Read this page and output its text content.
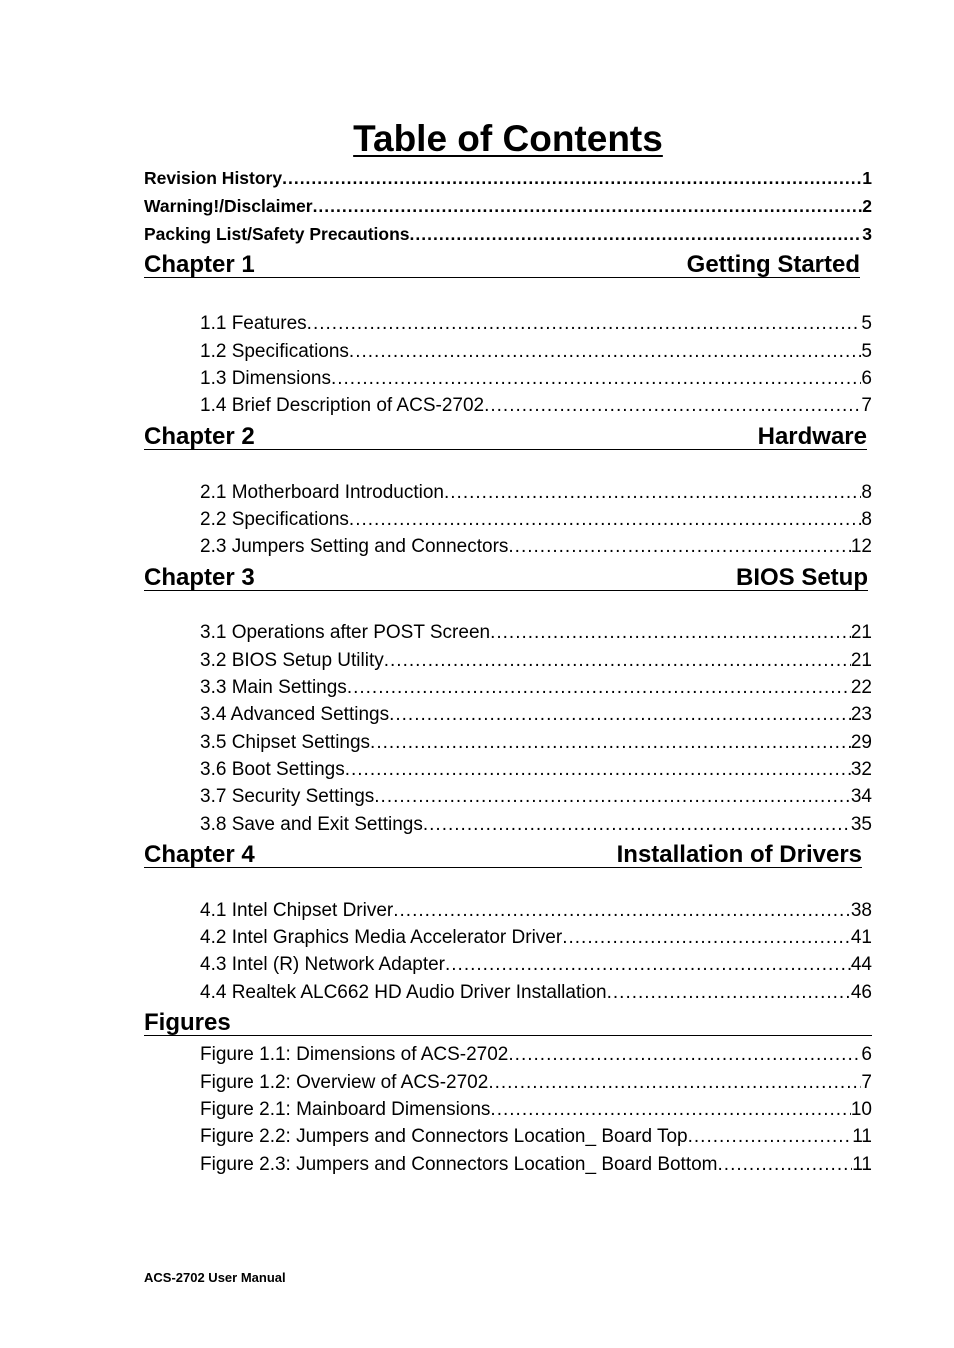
Table of Contents
Revision History .....	1
Warning!/Disclaimer .....	2
Packing List/Safety Precautions .....	3
Chapter 1	Getting Started
1.1 Features .....	5
1.2 Specifications .....	5
1.3 Dimensions .....	6
1.4 Brief Description of ACS-2702 .....	7
Chapter 2	Hardware
2.1 Motherboard Introduction .....	8
2.2 Specifications .....	8
2.3 Jumpers Setting and Connectors .....	12
Chapter 3	BIOS Setup
3.1 Operations after POST Screen .....	21
3.2 BIOS Setup Utility .....	21
3.3 Main Settings .....	22
3.4 Advanced Settings .....	23
3.5 Chipset Settings .....	29
3.6 Boot Settings .....	32
3.7 Security Settings .....	34
3.8 Save and Exit Settings .....	35
Chapter 4	Installation of Drivers
4.1 Intel Chipset Driver .....	38
4.2 Intel Graphics Media Accelerator Driver .....	41
4.3 Intel (R) Network Adapter .....	44
4.4 Realtek ALC662 HD Audio Driver Installation .....	46
Figures
Figure 1.1: Dimensions of ACS-2702 .....	6
Figure 1.2: Overview of ACS-2702 .....	7
Figure 2.1: Mainboard Dimensions .....	10
Figure 2.2: Jumpers and Connectors Location_ Board Top .....	11
Figure 2.3: Jumpers and Connectors Location_ Board Bottom .....	11
ACS-2702 User Manual
